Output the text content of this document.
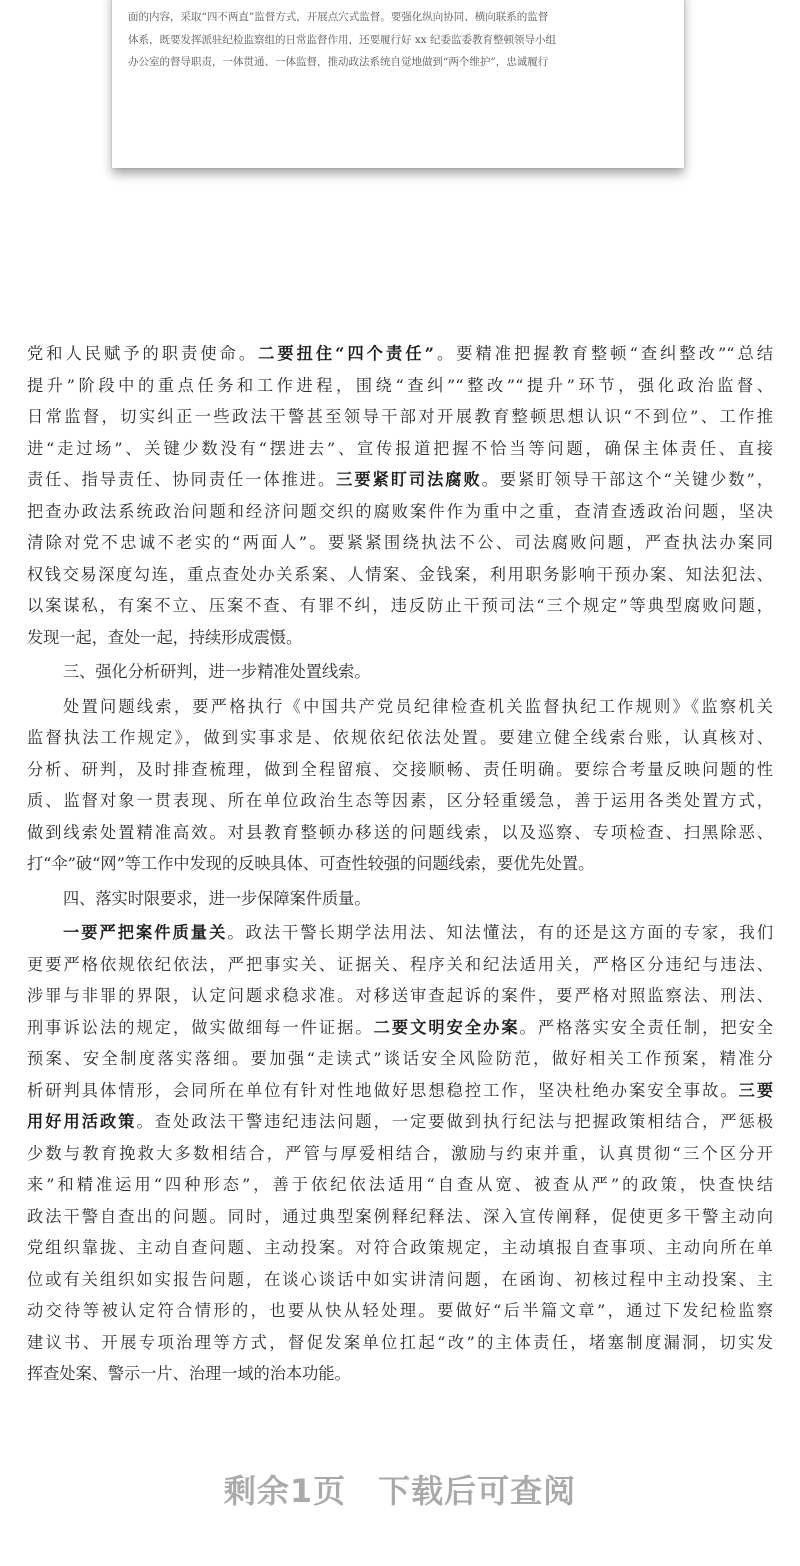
面的内容，采取“四不两直”监督方式，开展点穴式监督。要强化纵向协同、横向联系的监督
体系，既要发挥派驻纪检监察组的日常监督作用，还要履行好 xx 纪委监委教育整顿领导小组
办公室的督导职责，一体贯通、一体监督，推动政法系统自觉地做到“两个维护”，忠诚履行
党和人民赋予的职责使命。二要扭住“四个责任”。要精准把握教育整顿“查纠整改”“总结
提升”阶段中的重点任务和工作进程，围绕“查纠”“整改”“提升”环节，强化政治监督、
日常监督，切实纠正一些政法干警甚至领导干部对开展教育整顿思想认识“不到位”、工作推
进“走过场”、关键少数没有“摆进去”、宣传报道把握不恰当等问题，确保主体责任、直接
责任、指导责任、协同责任一体推进。三要紧盯司法腐败。要紧盯领导干部这个“关键少数”，
把查办政法系统政治问题和经济问题交织的腐败案件作为重中之重，查清查透政治问题，坚决
清除对党不忠诚不老实的“两面人”。要紧紧围绕执法不公、司法腐败问题，严查执法办案同
权钱交易深度勾连，重点查处办关系案、人情案、金钱案，利用职务影响干预办案、知法犯法、
以案谋私，有案不立、压案不查、有罪不纠，违反防止干预司法“三个规定”等典型腐败问题，
发现一起，查处一起，持续形成震慑。
三、强化分析研判，进一步精准处置线索。
处置问题线索，要严格执行《中国共产党员纪律检查机关监督执纪工作规则》《监察机关
监督执法工作规定》，做到实事求是、依规依纪依法处置。要建立健全线索台账，认真核对、
分析、研判，及时排查梳理，做到全程留痕、交接顺畅、责任明确。要综合考量反映问题的性
质、监督对象一贯表现、所在单位政治生态等因素，区分轻重缓急，善于运用各类处置方式，
做到线索处置精准高效。对县教育整顿办移送的问题线索，以及巡察、专项检查、扫黑除恶、
打“伞”破“网”等工作中发现的反映具体、可查性较强的问题线索，要优先处置。
四、落实时限要求，进一步保障案件质量。
一要严把案件质量关。政法干警长期学法用法、知法懂法，有的还是这方面的专家，我们
更要严格依规依纪依法，严把事实关、证据关、程序关和纪法适用关，严格区分违纪与违法、
涉罪与非罪的界限，认定问题求稳求准。对移送审查起诉的案件，要严格对照监察法、刑法、
刑事诉讼法的规定，做实做细每一件证据。二要文明安全办案。严格落实安全责任制，把安全
预案、安全制度落实落细。要加强“走读式”谈话安全风险防范，做好相关工作预案，精准分
析研判具体情形，会同所在单位有针对性地做好思想稳控工作，坚决杜绝办案安全事故。三要
用好用活政策。查处政法干警违纪违法问题，一定要做到执行纪法与把握政策相结合，严惩极
少数与教育挽救大多数相结合，严管与厚爱相结合，激励与约束并重，认真贯彻“三个区分开
来”和精准运用“四种形态”，善于依纪依法适用“自查从宽、被查从严”的政策，快查快结
政法干警自查出的问题。同时，通过典型案例释纪释法、深入宣传阐释，促使更多干警主动向
党组织靠拢、主动自查问题、主动投案。对符合政策规定，主动填报自查事项、主动向所在单
位或有关组织如实报告问题，在谈心谈话中如实讲清问题，在函询、初核过程中主动投案、主
动交待等被认定符合情形的，也要从快从轻处理。要做好“后半篇文章”，通过下发纪检监察
建议书、开展专项治理等方式，督促发案单位扛起“改”的主体责任，堵塞制度漏洞，切实发
挥查处案、警示一片、治理一域的治本功能。
剩余1页 下载后可查阅
